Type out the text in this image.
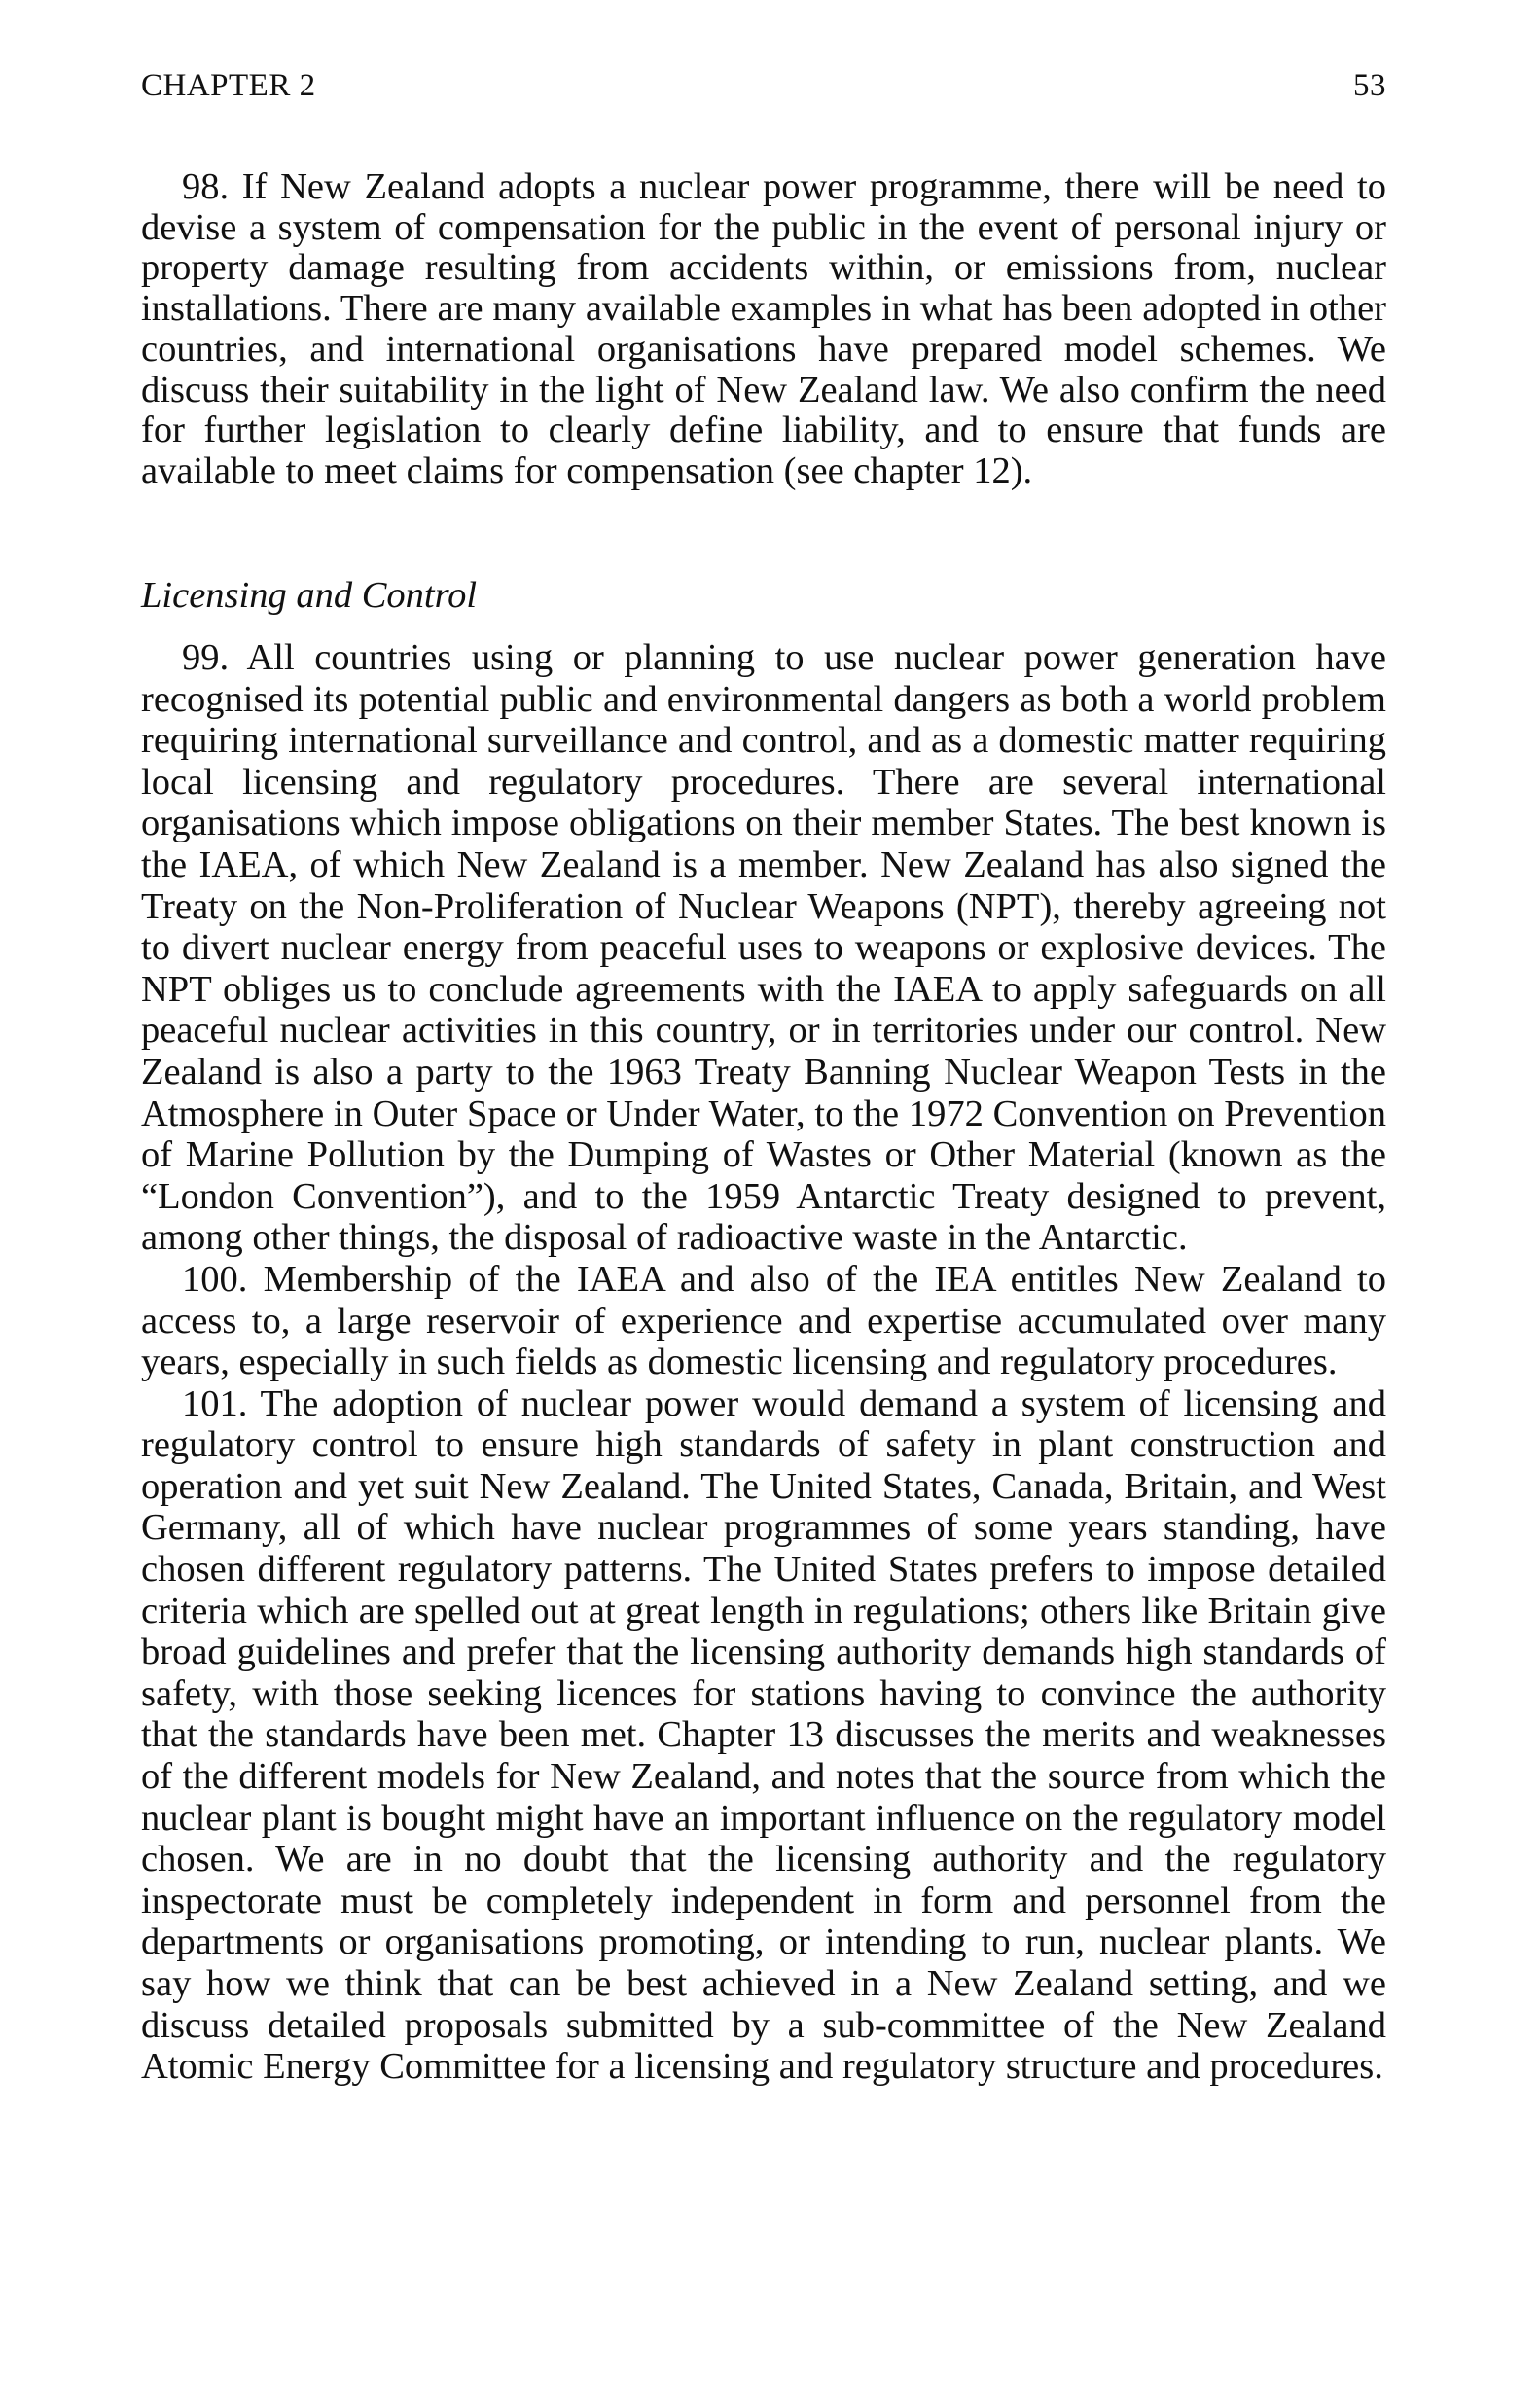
CHAPTER 2	53

98. If New Zealand adopts a nuclear power programme, there will be need to devise a system of compensation for the public in the event of personal injury or property damage resulting from accidents within, or emissions from, nuclear installations. There are many available examples in what has been adopted in other countries, and international organisations have prepared model schemes. We discuss their suitability in the light of New Zealand law. We also confirm the need for further legislation to clearly define liability, and to ensure that funds are available to meet claims for compensation (see chapter 12).

Licensing and Control

99. All countries using or planning to use nuclear power generation have recognised its potential public and environmental dangers as both a world problem requiring international surveillance and control, and as a domestic matter requiring local licensing and regulatory procedures. There are several international organisations which impose obligations on their member States. The best known is the IAEA, of which New Zealand is a member. New Zealand has also signed the Treaty on the Non-Proliferation of Nuclear Weapons (NPT), thereby agreeing not to divert nuclear energy from peaceful uses to weapons or explosive devices. The NPT obliges us to conclude agreements with the IAEA to apply safeguards on all peaceful nuclear activities in this country, or in territories under our control. New Zealand is also a party to the 1963 Treaty Banning Nuclear Weapon Tests in the Atmosphere in Outer Space or Under Water, to the 1972 Convention on Prevention of Marine Pollution by the Dumping of Wastes or Other Material (known as the “London Convention”), and to the 1959 Antarctic Treaty designed to prevent, among other things, the disposal of radioactive waste in the Antarctic.

100. Membership of the IAEA and also of the IEA entitles New Zealand to access to, a large reservoir of experience and expertise accumulated over many years, especially in such fields as domestic licensing and regulatory procedures.

101. The adoption of nuclear power would demand a system of licensing and regulatory control to ensure high standards of safety in plant construction and operation and yet suit New Zealand. The United States, Canada, Britain, and West Germany, all of which have nuclear programmes of some years standing, have chosen different regulatory patterns. The United States prefers to impose detailed criteria which are spelled out at great length in regulations; others like Britain give broad guidelines and prefer that the licensing authority demands high standards of safety, with those seeking licences for stations having to convince the authority that the standards have been met. Chapter 13 discusses the merits and weaknesses of the different models for New Zealand, and notes that the source from which the nuclear plant is bought might have an important influence on the regulatory model chosen. We are in no doubt that the licensing authority and the regulatory inspectorate must be completely independent in form and personnel from the departments or organisations promoting, or intending to run, nuclear plants. We say how we think that can be best achieved in a New Zealand setting, and we discuss detailed proposals submitted by a sub-committee of the New Zealand Atomic Energy Committee for a licensing and regulatory structure and procedures.
